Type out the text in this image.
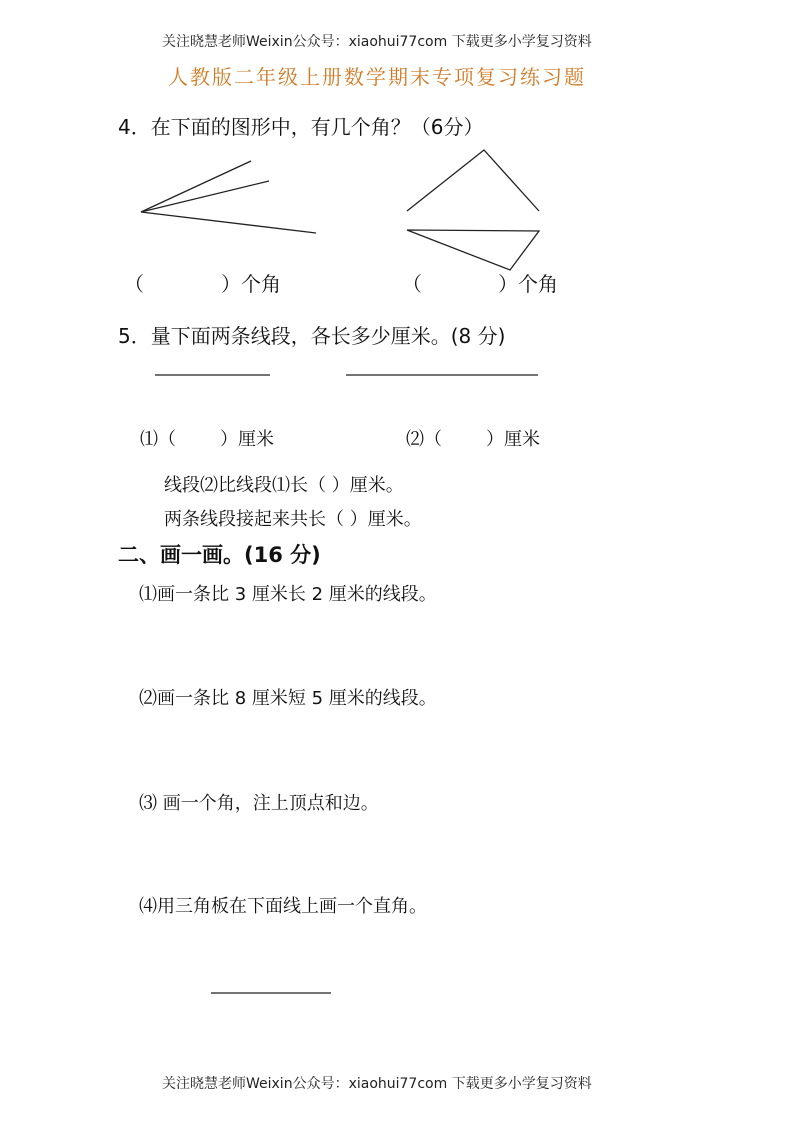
关注晓慧老师Weixin公众号：xiaohui77com 下载更多小学复习资料
人教版二年级上册数学期末专项复习练习题
4．在下面的图形中，有几个角？（6分）
（	）个角	（	）个角
5．量下面两条线段，各长多少厘米。(8 分)
⑴（ ）厘米	⑵（ ）厘米
线段⑵比线段⑴长（ ）厘米。
两条线段接起来共长（ ）厘米。
二、画一画。(16 分)
⑴画一条比 3 厘米长 2 厘米的线段。
⑵画一条比 8 厘米短 5 厘米的线段。
⑶ 画一个角，注上顶点和边。
⑷用三角板在下面线上画一个直角。
关注晓慧老师Weixin公众号：xiaohui77com 下载更多小学复习资料
